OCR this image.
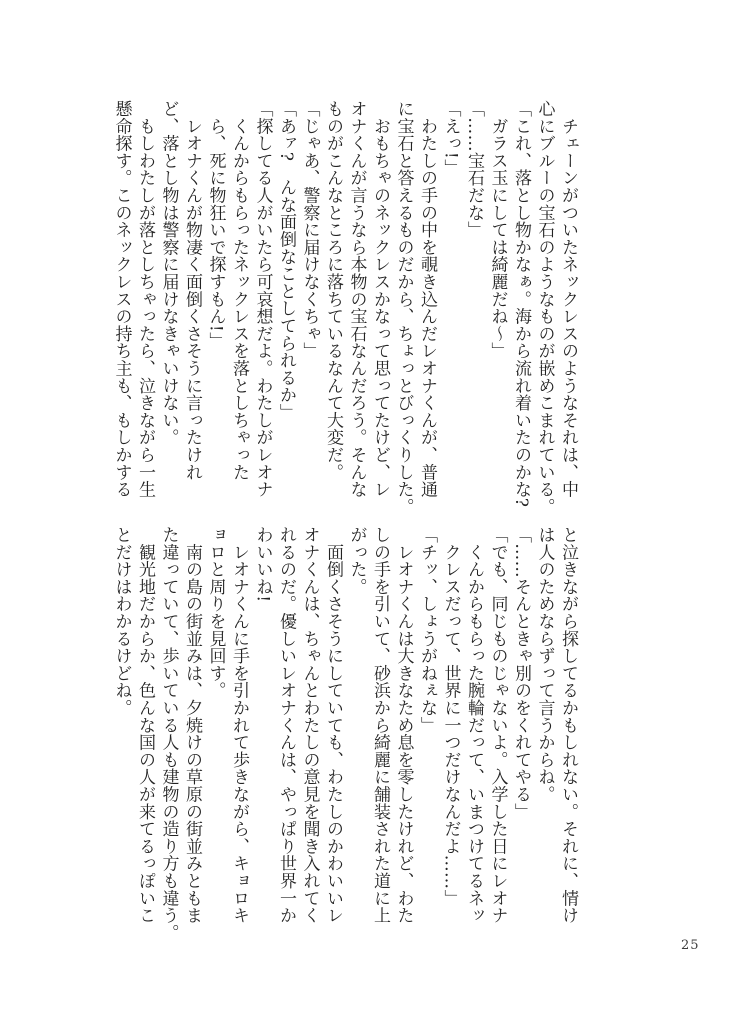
　チェーンがついたネックレスのようなそれは、中
心にブルーの宝石のようなものが嵌めこまれている。
「これ、落とし物かなぁ。海から流れ着いたのかな?
　ガラス玉にしては綺麗だね〜」
「……宝石だな」
「えっ!」
　わたしの手の中を覗き込んだレオナくんが、普通
に宝石と答えるものだから、ちょっとびっくりした。
　おもちゃのネックレスかなって思ってたけど、レ
オナくんが言うなら本物の宝石なんだろう。そんな
ものがこんなところに落ちているなんて大変だ。
「じゃあ、警察に届けなくちゃ」
「あァ?　んな面倒なことしてられるか」
「探してる人がいたら可哀想だよ。わたしがレオナ
　くんからもらったネックレスを落としちゃった
　ら、死に物狂いで探すもん!」
　レオナくんが物凄く面倒くさそうに言ったけれ
ど、落とし物は警察に届けなきゃいけない。
　もしわたしが落としちゃったら、泣きながら一生
懸命探す。このネックレスの持ち主も、もしかする
と泣きながら探してるかもしれない。それに、情け
は人のためならずって言うからね。
「……そんときゃ別のをくれてやる」
「でも、同じものじゃないよ。入学した日にレオナ
　くんからもらった腕輪だって、いまつけてるネッ
　クレスだって、世界に一つだけなんだよ……」
「チッ、しょうがねぇな」
　レオナくんは大きなため息を零したけれど、わた
しの手を引いて、砂浜から綺麗に舗装された道に上
がった。
　面倒くさそうにしていても、わたしのかわいいレ
オナくんは、ちゃんとわたしの意見を聞き入れてく
れるのだ。優しいレオナくんは、やっぱり世界一か
わいいね!
　レオナくんに手を引かれて歩きながら、キョロキ
ョロと周りを見回す。
　南の島の街並みは、夕焼けの草原の街並みともま
た違っていて、歩いている人も建物の造り方も違う。
　観光地だからか、色んな国の人が来てるっぽいこ
とだけはわかるけどね。
25
